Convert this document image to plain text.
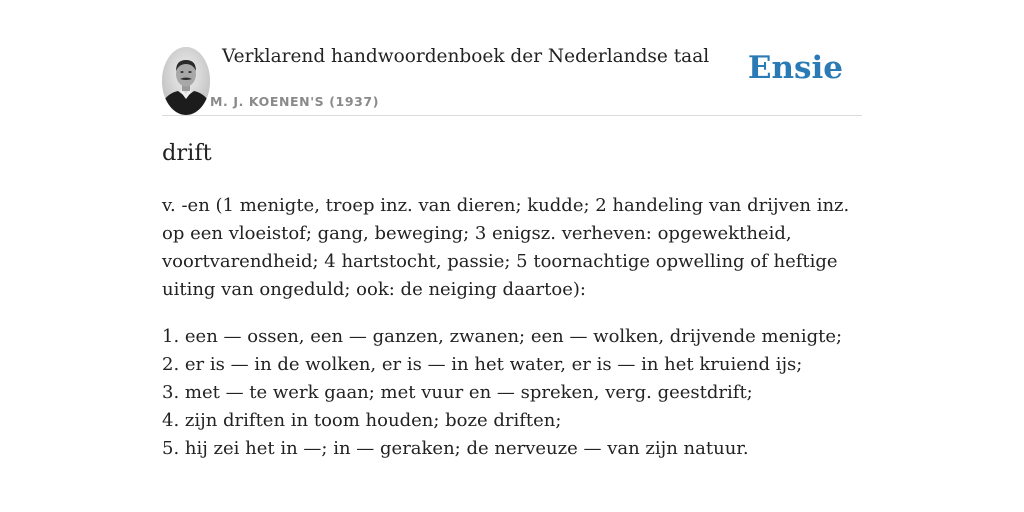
Verklarend handwoordenboek der Nederlandse taal
M. J. KOENEN'S (1937)
Ensie
drift

v. -en (1 menigte, troep inz. van dieren; kudde; 2 handeling van drijven inz. op een vloeistof; gang, beweging; 3 enigsz. verheven: opgewektheid, voortvarendheid; 4 hartstocht, passie; 5 toornachtige opwelling of heftige uiting van ongeduld; ook: de neiging daartoe):

1. een — ossen, een — ganzen, zwanen; een — wolken, drijvende menigte;
2. er is — in de wolken, er is — in het water, er is — in het kruiend ijs;
3. met — te werk gaan; met vuur en — spreken, verg. geestdrift;
4. zijn driften in toom houden; boze driften;
5. hij zei het in —; in — geraken; de nerveuze — van zijn natuur.
